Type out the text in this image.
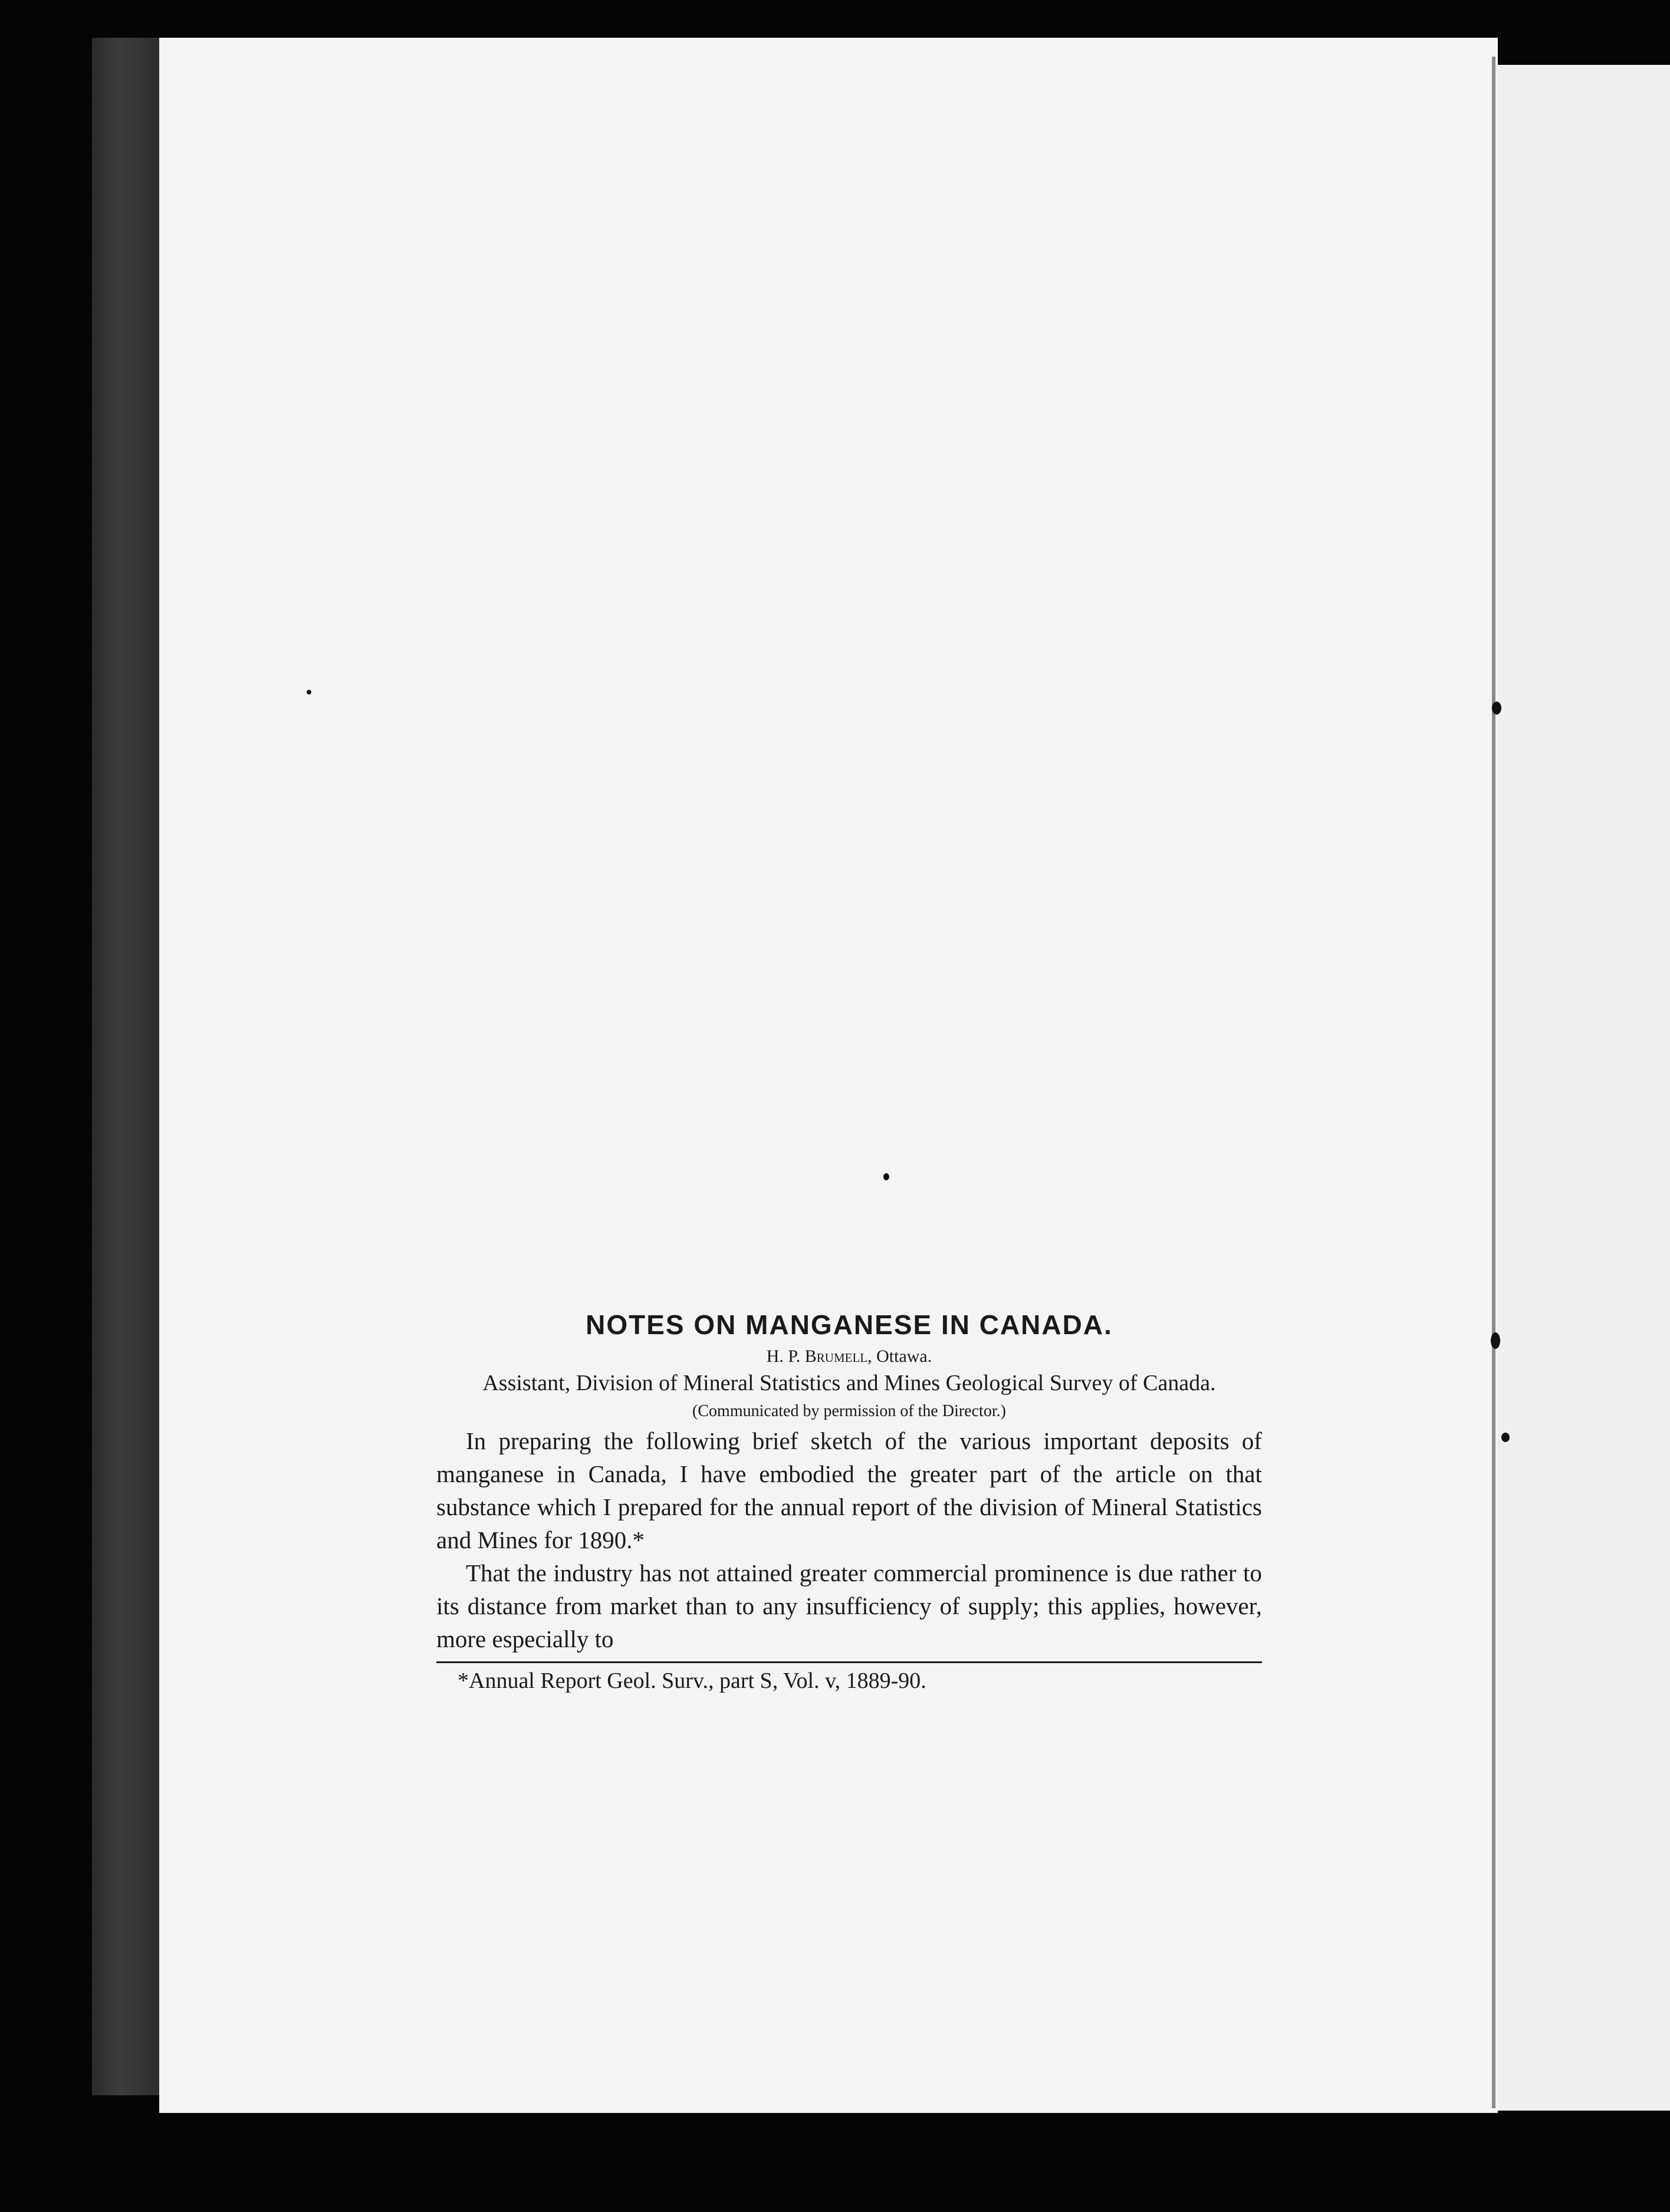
NOTES ON MANGANESE IN CANADA.
H. P. Brumell, Ottawa.
Assistant, Division of Mineral Statistics and Mines Geological Survey of Canada.
(Communicated by permission of the Director.)

In preparing the following brief sketch of the various important deposits of manganese in Canada, I have embodied the greater part of the article on that substance which I prepared for the annual report of the division of Mineral Statistics and Mines for 1890.*

That the industry has not attained greater commercial prominence is due rather to its distance from market than to any insufficiency of supply; this applies, however, more especially to

*Annual Report Geol. Surv., part S, Vol. v, 1889-90.
